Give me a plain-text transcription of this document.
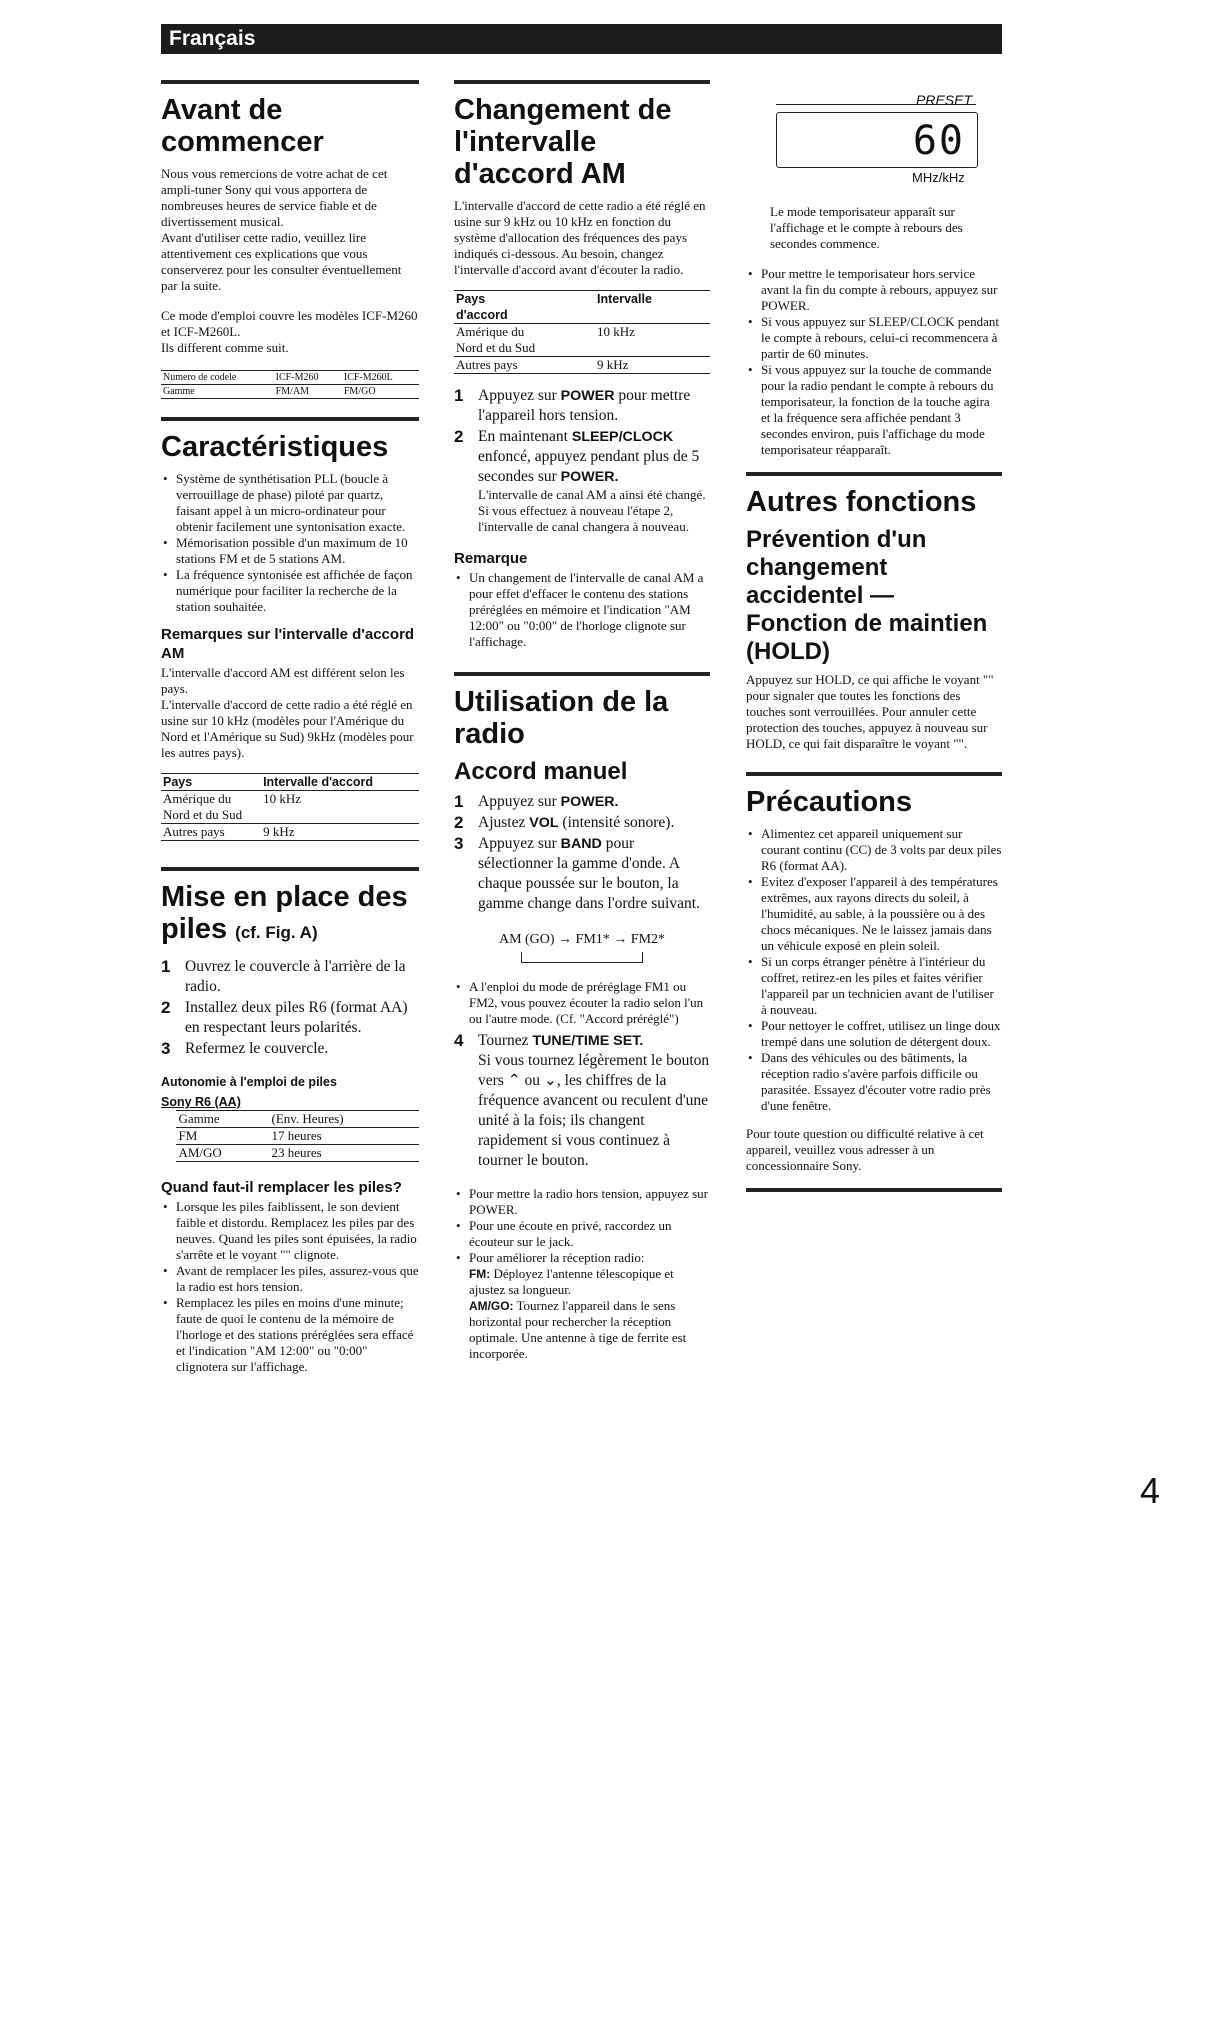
Français
Avant de commencer

Nous vous remercions de votre achat de cet ampli-tuner Sony qui vous apportera de nombreuses heures de service fiable et de divertissement musical.

Avant d'utiliser cette radio, veuillez lire attentivement ces explications que vous conserverez pour les consulter éventuellement par la suite.

Ce mode d'emploi couvre les modèles ICF-M260 et ICF-M260L.

Ils different comme suit.

Numero de codele	ICF-M260	ICF-M260L
Gamme	FM/AM	FM/GO
Caractéristiques
• Système de synthétisation PLL (boucle à verrouillage de phase) piloté par quartz, faisant appel à un micro-ordinateur pour obtenir facilement une syntonisation exacte.
• Mémorisation possible d'un maximum de 10 stations FM et de 5 stations AM.
• La fréquence syntonisée est affichée de façon numérique pour faciliter la recherche de la station souhaitée.
Remarques sur l'intervalle d'accord AM

L'intervalle d'accord AM est différent selon les pays.

L'intervalle d'accord de cette radio a été réglé en usine sur 10 kHz (modèles pour l'Amérique du Nord et l'Amérique su Sud) 9kHz (modèles pour les autres pays).

Pays	Intervalle d'accord
Amérique du	10 kHz
Nord et du Sud	
Autres pays	9 kHz
Mise en place des piles (cf. Fig. A)
1 Ouvrez le couvercle à l'arrière de la radio.
2 Installez deux piles R6 (format AA) en respectant leurs polarités.
3 Refermez le couvercle.
Autonomie à l'emploi de piles

Sony R6 (AA)

Gamme	(Env. Heures)
FM	17 heures
AM/GO	23 heures
Quand faut-il remplacer les piles?
• Lorsque les piles faiblissent, le son devient faible et distordu. Remplacez les piles par des neuves. Quand les piles sont épuisées, la radio s'arrête et le voyant "" clignote.
• Avant de remplacer les piles, assurez-vous que la radio est hors tension.
• Remplacez les piles en moins d'une minute; faute de quoi le contenu de la mémoire de l'horloge et des stations préréglées sera effacé et l'indication "AM 12:00" ou "0:00" clignotera sur l'affichage.
Changement de l'intervalle d'accord AM

L'intervalle d'accord de cette radio a été réglé en usine sur 9 kHz ou 10 kHz en fonction du système d'allocation des fréquences des pays indiqués ci-dessous. Au besoin, changez l'intervalle d'accord avant d'écouter la radio.

Pays	Intervalle
d'accord	
Amérique du	10 kHz
Nord et du Sud	
Autres pays	9 kHz
1 Appuyez sur POWER pour mettre l'appareil hors tension.
2 En maintenant SLEEP/CLOCK enfoncé, appuyez pendant plus de 5 secondes sur POWER.
L'intervalle de canal AM a ainsi été changé.
Si vous effectuez à nouveau l'étape 2, l'intervalle de canal changera à nouveau.
Remarque
• Un changement de l'intervalle de canal AM a pour effet d'effacer le contenu des stations préréglées en mémoire et l'indication "AM 12:00" ou "0:00" de l'horloge clignote sur l'affichage.
Utilisation de la radio
Accord manuel
1 Appuyez sur POWER.
2 Ajustez VOL (intensité sonore).
3 Appuyez sur BAND pour sélectionner la gamme d'onde. A chaque poussée sur le bouton, la gamme change dans l'ordre suivant.
AM (GO) → FM1* → FM2*
• A l'enploi du mode de préréglage FM1 ou FM2, vous pouvez écouter la radio selon l'un ou l'autre mode. (Cf. "Accord préréglé")
4 Tournez TUNE/TIME SET.
Si vous tournez légèrement le bouton vers ⌃ ou ⌄, les chiffres de la fréquence avancent ou reculent d'une unité à la fois; ils changent rapidement si vous continuez à tourner le bouton.
• Pour mettre la radio hors tension, appuyez sur POWER.
• Pour une écoute en privé, raccordez un écouteur sur le jack.
• Pour améliorer la réception radio:

FM: Déployez l'antenne télescopique et ajustez sa longueur.

AM/GO: Tournez l'appareil dans le sens horizontal pour rechercher la réception optimale. Une antenne à tige de ferrite est incorporée.

PRESET
60
MHz/kHz

Le mode temporisateur apparaît sur l'affichage et le compte à rebours des secondes commence.

• Pour mettre le temporisateur hors service avant la fin du compte à rebours, appuyez sur POWER.
• Si vous appuyez sur SLEEP/CLOCK pendant le compte à rebours, celui-ci recommencera à partir de 60 minutes.
• Si vous appuyez sur la touche de commande pour la radio pendant le compte à rebours du temporisateur, la fonction de la touche agira et la fréquence sera affichée pendant 3 secondes environ, puis l'affichage du mode temporisateur réapparaît.
Autres fonctions
Prévention d'un changement accidentel — Fonction de maintien (HOLD)

Appuyez sur HOLD, ce qui affiche le voyant "" pour signaler que toutes les fonctions des touches sont verrouillées. Pour annuler cette protection des touches, appuyez à nouveau sur HOLD, ce qui fait disparaître le voyant "".

Précautions
• Alimentez cet appareil uniquement sur courant continu (CC) de 3 volts par deux piles R6 (format AA).
• Evitez d'exposer l'appareil à des températures extrêmes, aux rayons directs du soleil, à l'humidité, au sable, à la poussière ou à des chocs mécaniques. Ne le laissez jamais dans un véhicule exposé en plein soleil.
• Si un corps étranger pénètre à l'intérieur du coffret, retirez-en les piles et faites vérifier l'appareil par un technicien avant de l'utiliser à nouveau.
• Pour nettoyer le coffret, utilisez un linge doux trempé dans une solution de détergent doux.
• Dans des véhicules ou des bâtiments, la réception radio s'avère parfois difficile ou parasitée. Essayez d'écouter votre radio près d'une fenêtre.

Pour toute question ou difficulté relative à cet appareil, veuillez vous adresser à un concessionnaire Sony.

4
